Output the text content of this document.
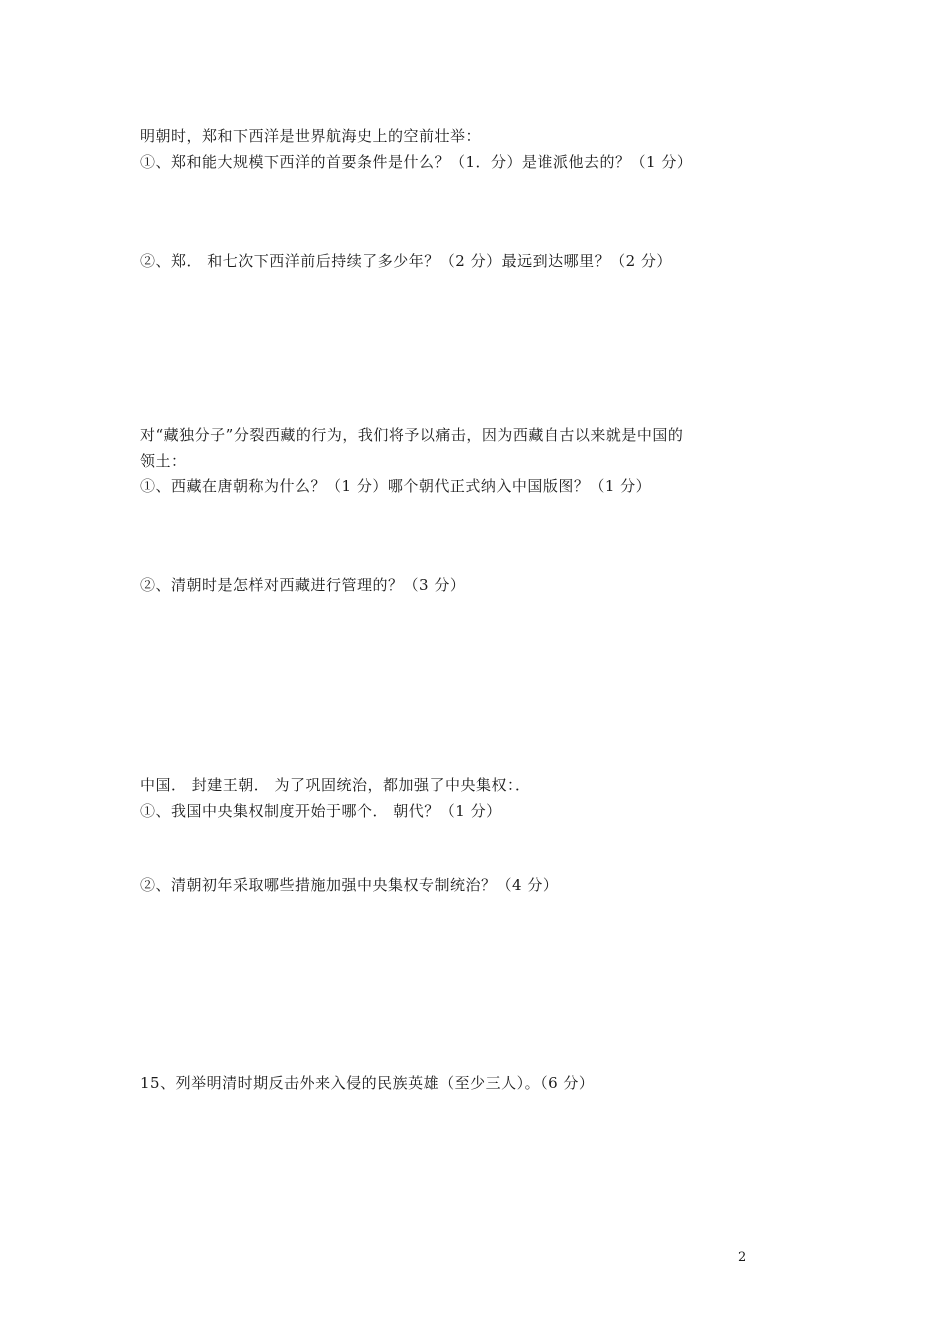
明朝时，郑和下西洋是世界航海史上的空前壮举：
①、郑和能大规模下西洋的首要条件是什么？（1．分）是谁派他去的？（1 分）
②、郑． 和七次下西洋前后持续了多少年？（2 分）最远到达哪里？（2 分）
对“藏独分子”分裂西藏的行为，我们将予以痛击，因为西藏自古以来就是中国的
领土：
①、西藏在唐朝称为什么？（1 分）哪个朝代正式纳入中国版图？（1 分）
②、清朝时是怎样对西藏进行管理的？（3 分）
中国． 封建王朝． 为了巩固统治，都加强了中央集权：．
①、我国中央集权制度开始于哪个． 朝代？（1 分）
②、清朝初年采取哪些措施加强中央集权专制统治？（4 分）
15、列举明清时期反击外来入侵的民族英雄（至少三人）。（6 分）
2
